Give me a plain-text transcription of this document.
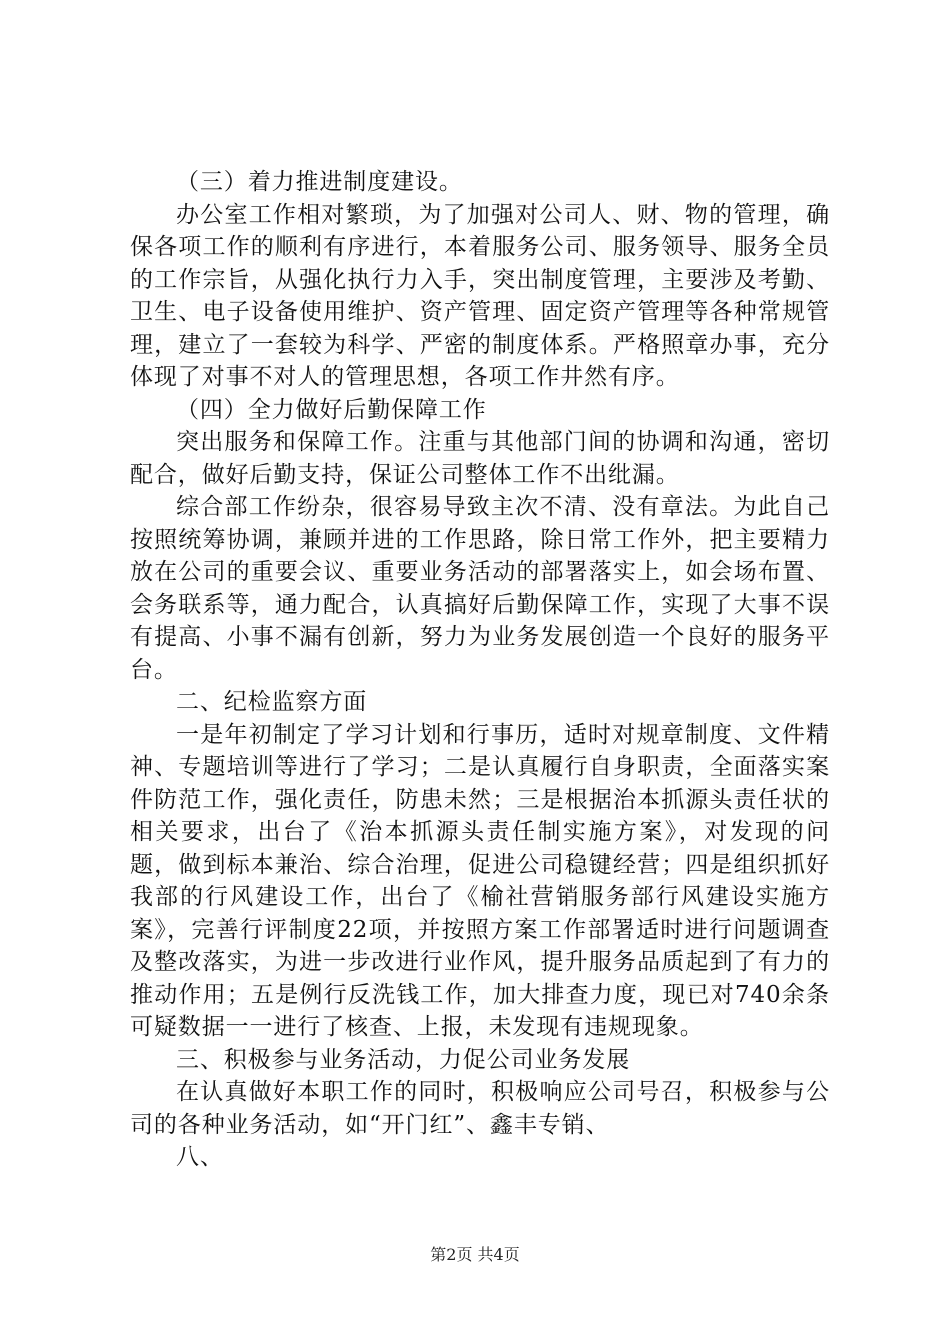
（三）着力推进制度建设。

办公室工作相对繁琐，为了加强对公司人、财、物的管理，确保各项工作的顺利有序进行，本着服务公司、服务领导、服务全员的工作宗旨，从强化执行力入手，突出制度管理，主要涉及考勤、卫生、电子设备使用维护、资产管理、固定资产管理等各种常规管理，建立了一套较为科学、严密的制度体系。严格照章办事，充分体现了对事不对人的管理思想，各项工作井然有序。

（四）全力做好后勤保障工作

突出服务和保障工作。注重与其他部门间的协调和沟通，密切配合，做好后勤支持，保证公司整体工作不出纰漏。

综合部工作纷杂，很容易导致主次不清、没有章法。为此自己按照统筹协调，兼顾并进的工作思路，除日常工作外，把主要精力放在公司的重要会议、重要业务活动的部署落实上，如会场布置、会务联系等，通力配合，认真搞好后勤保障工作，实现了大事不误有提高、小事不漏有创新，努力为业务发展创造一个良好的服务平台。

二、纪检监察方面

一是年初制定了学习计划和行事历，适时对规章制度、文件精神、专题培训等进行了学习；二是认真履行自身职责，全面落实案件防范工作，强化责任，防患未然；三是根据治本抓源头责任状的相关要求，出台了《治本抓源头责任制实施方案》，对发现的问题，做到标本兼治、综合治理，促进公司稳键经营；四是组织抓好我部的行风建设工作，出台了《榆社营销服务部行风建设实施方案》，完善行评制度22项，并按照方案工作部署适时进行问题调查及整改落实，为进一步改进行业作风，提升服务品质起到了有力的推动作用；五是例行反洗钱工作，加大排查力度，现已对740余条可疑数据一一进行了核查、上报，未发现有违规现象。

三、积极参与业务活动，力促公司业务发展

在认真做好本职工作的同时，积极响应公司号召，积极参与公司的各种业务活动，如“开门红”、鑫丰专销、

八、

第2页 共4页
